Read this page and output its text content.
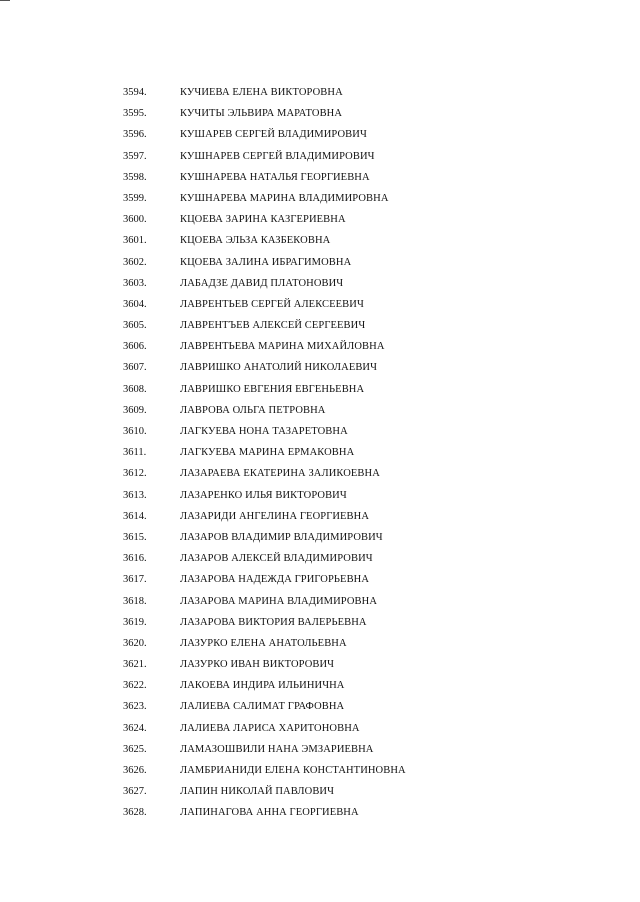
3594.	КУЧИЕВА ЕЛЕНА ВИКТОРОВНА
3595.	КУЧИТЫ ЭЛЬВИРА МАРАТОВНА
3596.	КУШАРЕВ СЕРГЕЙ ВЛАДИМИРОВИЧ
3597.	КУШНАРЕВ СЕРГЕЙ ВЛАДИМИРОВИЧ
3598.	КУШНАРЕВА НАТАЛЬЯ ГЕОРГИЕВНА
3599.	КУШНАРЕВА МАРИНА ВЛАДИМИРОВНА
3600.	КЦОЕВА ЗАРИНА КАЗГЕРИЕВНА
3601.	КЦОЕВА ЭЛЬЗА КАЗБЕКОВНА
3602.	КЦОЕВА ЗАЛИНА ИБРАГИМОВНА
3603.	ЛАБАДЗЕ ДАВИД ПЛАТОНОВИЧ
3604.	ЛАВРЕНТЬЕВ СЕРГЕЙ АЛЕКСЕЕВИЧ
3605.	ЛАВРЕНТЪЕВ АЛЕКСЕЙ СЕРГЕЕВИЧ
3606.	ЛАВРЕНТЬЕВА МАРИНА МИХАЙЛОВНА
3607.	ЛАВРИШКО АНАТОЛИЙ НИКОЛАЕВИЧ
3608.	ЛАВРИШКО ЕВГЕНИЯ ЕВГЕНЬЕВНА
3609.	ЛАВРОВА ОЛЬГА ПЕТРОВНА
3610.	ЛАГКУЕВА НОНА ТАЗАРЕТОВНА
3611.	ЛАГКУЕВА МАРИНА ЕРМАКОВНА
3612.	ЛАЗАРАЕВА ЕКАТЕРИНА ЗАЛИКОЕВНА
3613.	ЛАЗАРЕНКО ИЛЬЯ ВИКТОРОВИЧ
3614.	ЛАЗАРИДИ АНГЕЛИНА ГЕОРГИЕВНА
3615.	ЛАЗАРОВ ВЛАДИМИР ВЛАДИМИРОВИЧ
3616.	ЛАЗАРОВ АЛЕКСЕЙ ВЛАДИМИРОВИЧ
3617.	ЛАЗАРОВА НАДЕЖДА ГРИГОРЬЕВНА
3618.	ЛАЗАРОВА МАРИНА ВЛАДИМИРОВНА
3619.	ЛАЗАРОВА ВИКТОРИЯ ВАЛЕРЬЕВНА
3620.	ЛАЗУРКО ЕЛЕНА АНАТОЛЬЕВНА
3621.	ЛАЗУРКО ИВАН ВИКТОРОВИЧ
3622.	ЛАКОЕВА ИНДИРА ИЛЬИНИЧНА
3623.	ЛАЛИЕВА САЛИМАТ ГРАФОВНА
3624.	ЛАЛИЕВА ЛАРИСА ХАРИТОНОВНА
3625.	ЛАМАЗОШВИЛИ НАНА ЭМЗАРИЕВНА
3626.	ЛАМБРИАНИДИ ЕЛЕНА КОНСТАНТИНОВНА
3627.	ЛАПИН НИКОЛАЙ ПАВЛОВИЧ
3628.	ЛАПИНАГОВА АННА ГЕОРГИЕВНА
